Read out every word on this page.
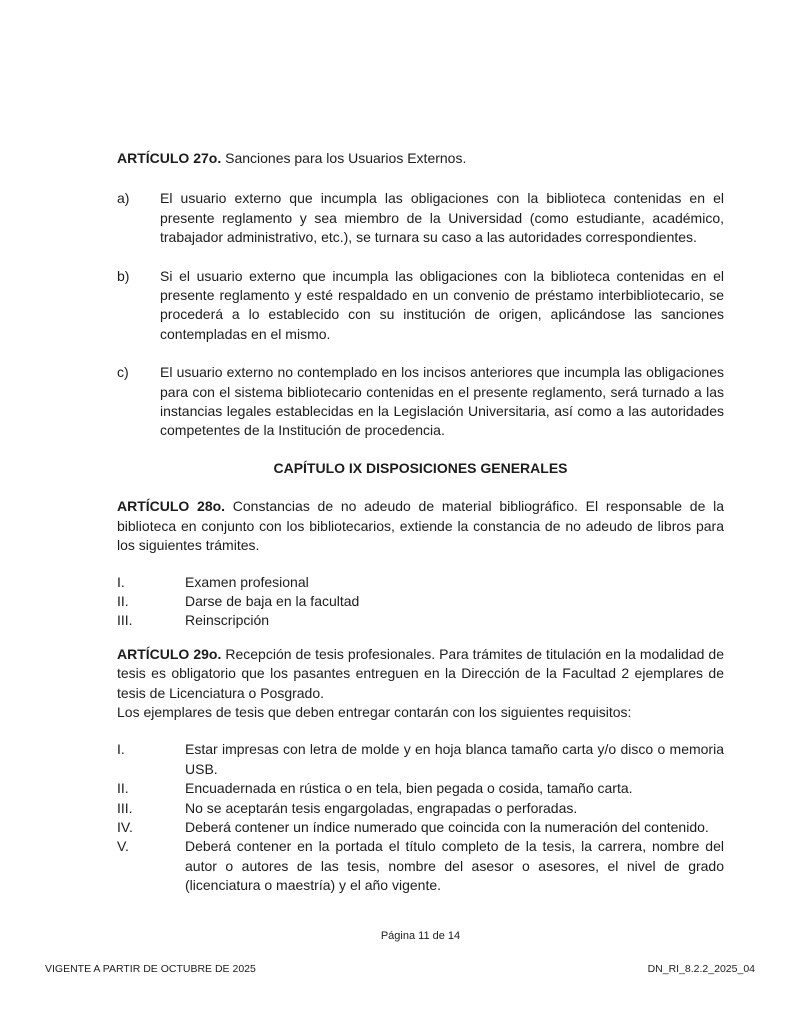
ARTÍCULO 27o. Sanciones para los Usuarios Externos.

a)	El usuario externo que incumpla las obligaciones con la biblioteca contenidas en el presente reglamento y sea miembro de la Universidad (como estudiante, académico, trabajador administrativo, etc.), se turnara su caso a las autoridades correspondientes.
b)	Si el usuario externo que incumpla las obligaciones con la biblioteca contenidas en el presente reglamento y esté respaldado en un convenio de préstamo interbibliotecario, se procederá a lo establecido con su institución de origen, aplicándose las sanciones contempladas en el mismo.
c)	El usuario externo no contemplado en los incisos anteriores que incumpla las obligaciones para con el sistema bibliotecario contenidas en el presente reglamento, será turnado a las instancias legales establecidas en la Legislación Universitaria, así como a las autoridades competentes de la Institución de procedencia.
CAPÍTULO IX DISPOSICIONES GENERALES

ARTÍCULO 28o. Constancias de no adeudo de material bibliográfico. El responsable de la biblioteca en conjunto con los bibliotecarios, extiende la constancia de no adeudo de libros para los siguientes trámites.

I.	Examen profesional
II.	Darse de baja en la facultad
III.	Reinscripción

ARTÍCULO 29o. Recepción de tesis profesionales. Para trámites de titulación en la modalidad de tesis es obligatorio que los pasantes entreguen en la Dirección de la Facultad 2 ejemplares de tesis de Licenciatura o Posgrado.

Los ejemplares de tesis que deben entregar contarán con los siguientes requisitos:

I.	Estar impresas con letra de molde y en hoja blanca tamaño carta y/o disco o memoria USB.
II.	Encuadernada en rústica o en tela, bien pegada o cosida, tamaño carta.
III.	No se aceptarán tesis engargoladas, engrapadas o perforadas.
IV.	Deberá contener un índice numerado que coincida con la numeración del contenido.
V.	Deberá contener en la portada el título completo de la tesis, la carrera, nombre del autor o autores de las tesis, nombre del asesor o asesores, el nivel de grado (licenciatura o maestría) y el año vigente.
Página 11 de 14
VIGENTE A PARTIR DE OCTUBRE DE 2025	DN_RI_8.2.2_2025_04
